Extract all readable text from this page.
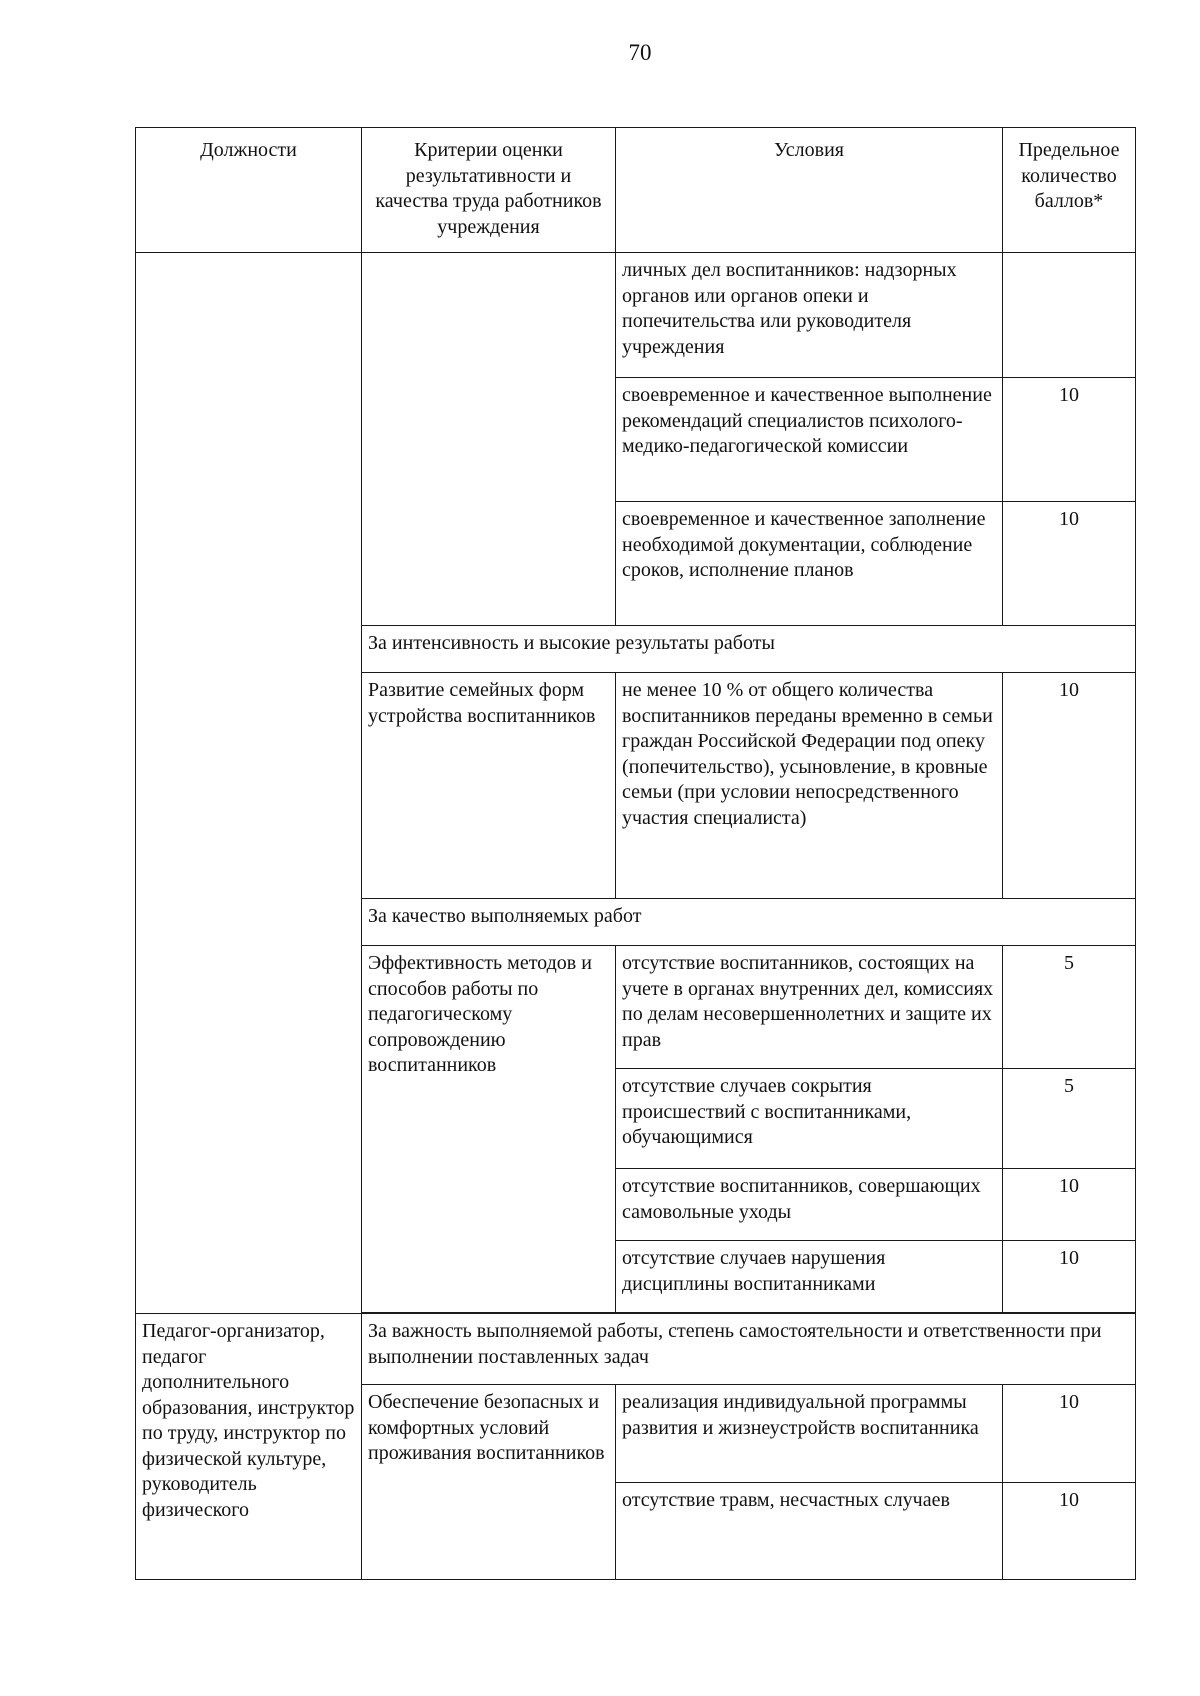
70
Должности	Критерии оценки результативности и качества труда работников учреждения	Условия	Предельное количество баллов*
		личных дел воспитанников: надзорных органов или органов опеки и попечительства или руководителя учреждения	
		своевременное и качественное выполнение рекомендаций специалистов психолого-медико-педагогической комиссии	10
		своевременное и качественное заполнение необходимой документации, соблюдение сроков, исполнение планов	10
	За интенсивность и высокие результаты работы		
	Развитие семейных форм устройства воспитанников	не менее 10 % от общего количества воспитанников переданы временно в семьи граждан Российской Федерации под опеку (попечительство), усыновление, в кровные семьи (при условии непосредственного участия специалиста)	10
	За качество выполняемых работ		
	Эффективность методов и способов работы по педагогическому сопровождению воспитанников	отсутствие воспитанников, состоящих на учете в органах внутренних дел, комиссиях по делам несовершеннолетних и защите их прав	5
		отсутствие случаев сокрытия происшествий с воспитанниками, обучающимися	5
		отсутствие воспитанников, совершающих самовольные уходы	10
		отсутствие случаев нарушения дисциплины воспитанниками	10

Педагог-организатор, педагог дополнительного образования, инструктор по труду, инструктор по физической культуре, руководитель физического	За важность выполняемой работы, степень самостоятельности и ответственности при выполнении поставленных задач		
	Обеспечение безопасных и комфортных условий проживания воспитанников	реализация индивидуальной программы развития и жизнеустройств воспитанника	10
		отсутствие травм, несчастных случаев	10
